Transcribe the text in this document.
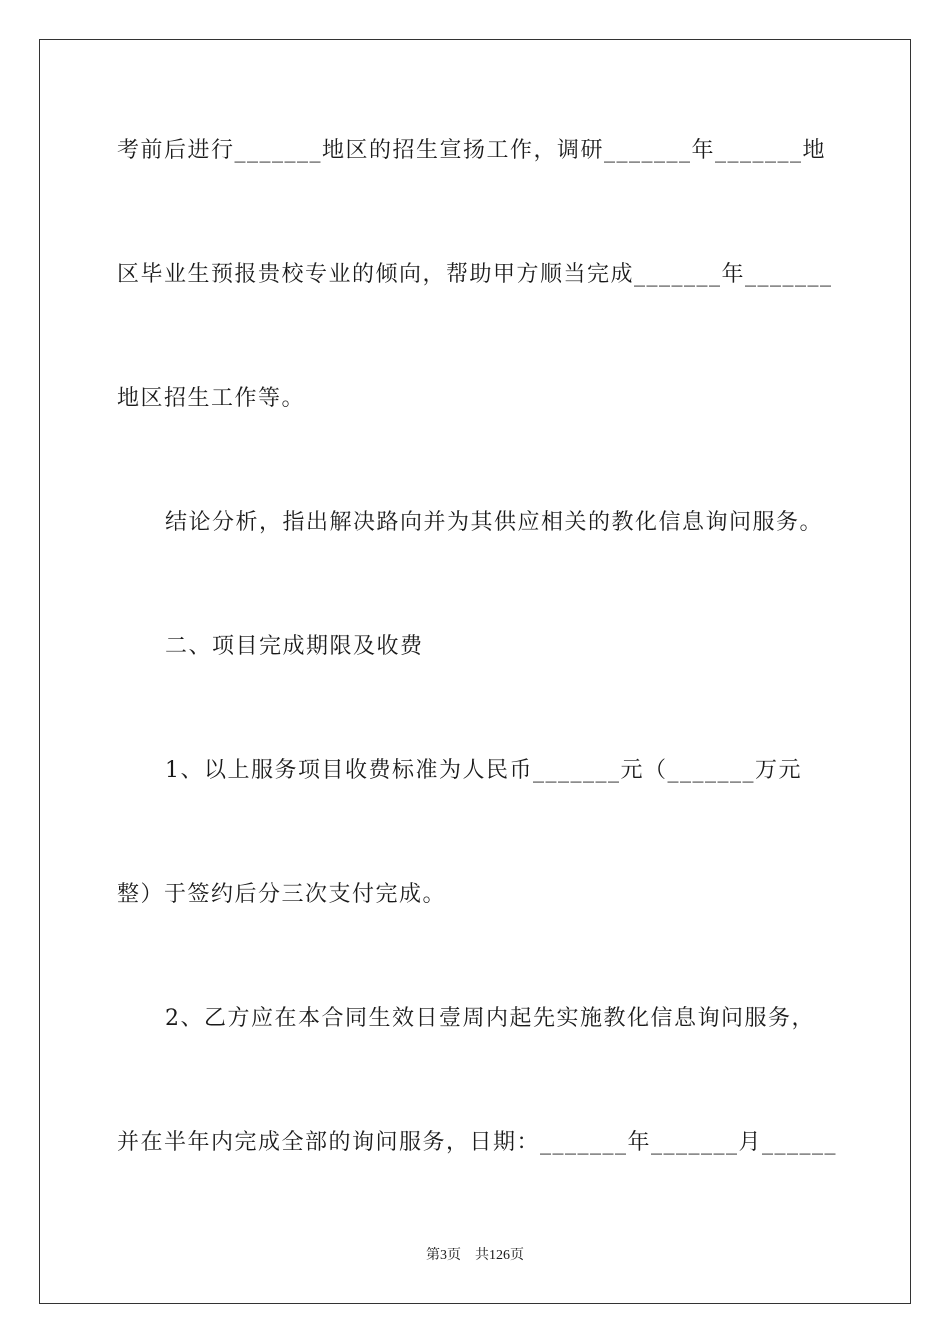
考前后进行_______地区的招生宣扬工作，调研_______年_______地
区毕业生预报贵校专业的倾向，帮助甲方顺当完成_______年_______
地区招生工作等。
结论分析，指出解决路向并为其供应相关的教化信息询问服务。
二、项目完成期限及收费
1、以上服务项目收费标准为人民币_______元（_______万元
整）于签约后分三次支付完成。
2、乙方应在本合同生效日壹周内起先实施教化信息询问服务，
并在半年内完成全部的询问服务，日期：_______年_______月______
第3页　共126页
